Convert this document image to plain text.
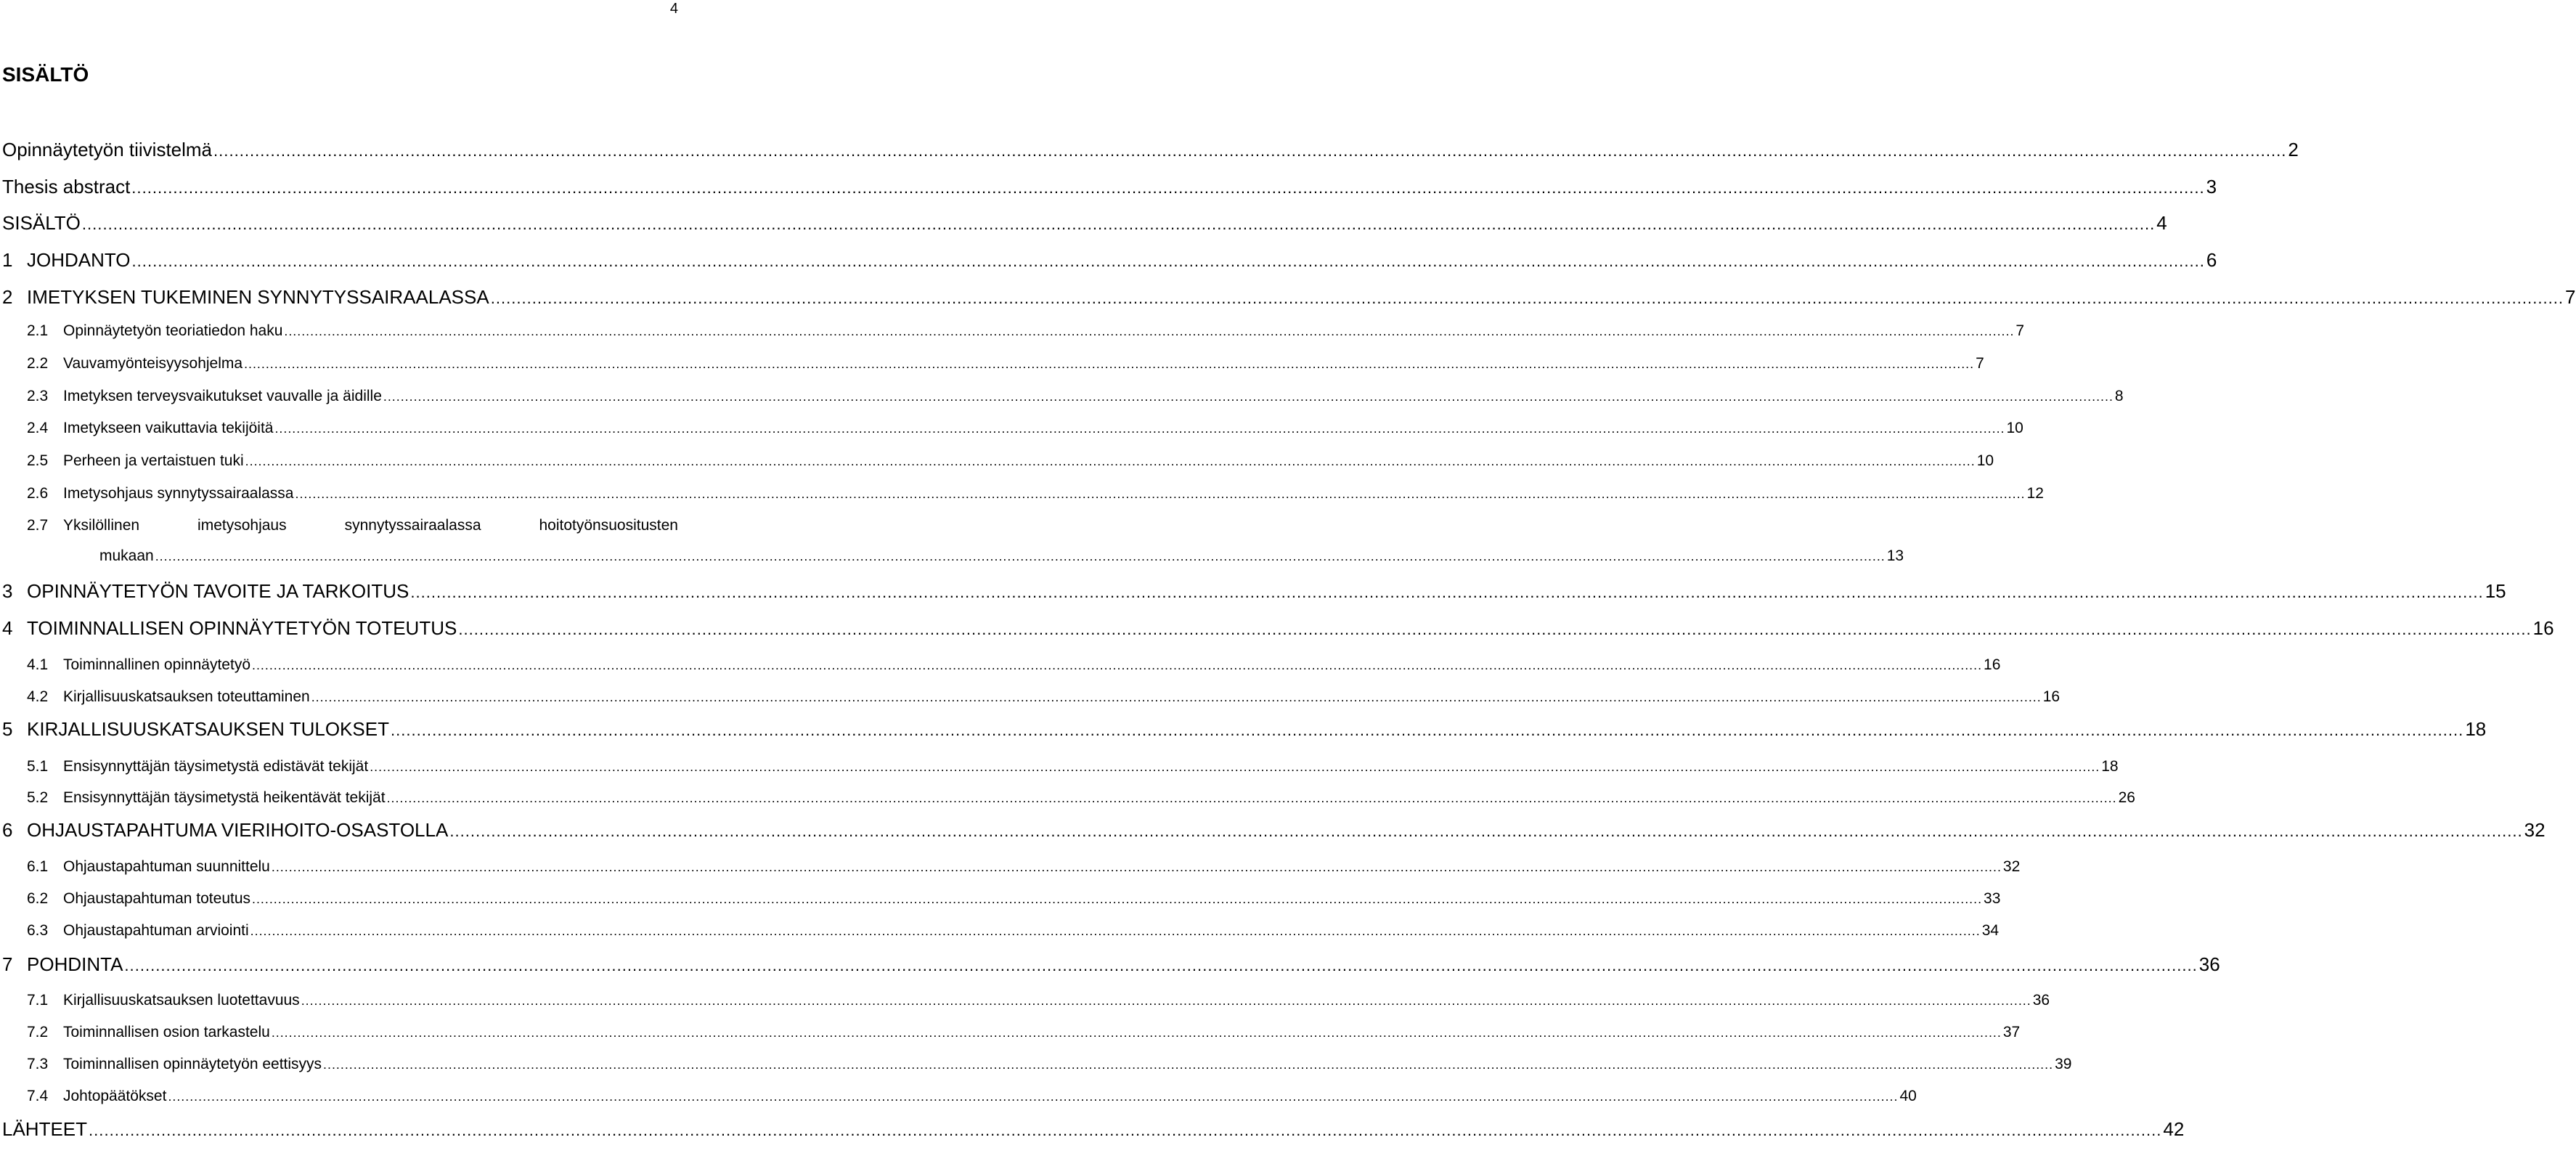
4
SISÄLTÖ
Opinnäytetyön tiivistelmä ................................................................................................................................................................................................................................................................................................................................................................................................................ 2
Thesis abstract ................................................................................................................................................................................................................................................................................................................................................................................................................ 3
SISÄLTÖ ................................................................................................................................................................................................................................................................................................................................................................................................................ 4
1 JOHDANTO ................................................................................................................................................................................................................................................................................................................................................................................................................ 6
2 IMETYKSEN TUKEMINEN SYNNYTYSSAIRAALASSA ................................................................................................................................................................................................................................................................................................................................................................................................................ 7
2.1 Opinnäytetyön teoriatiedon haku ................................................................................................................................................................................................................................................................................................................................................................................................................ 7
2.2 Vauvamyönteisyysohjelma ................................................................................................................................................................................................................................................................................................................................................................................................................ 7
2.3 Imetyksen terveysvaikutukset vauvalle ja äidille ................................................................................................................................................................................................................................................................................................................................................................................................................ 8
2.4 Imetykseen vaikuttavia tekijöitä ................................................................................................................................................................................................................................................................................................................................................................................................................ 10
2.5 Perheen ja vertaistuen tuki ................................................................................................................................................................................................................................................................................................................................................................................................................ 10
2.6 Imetysohjaus synnytyssairaalassa ................................................................................................................................................................................................................................................................................................................................................................................................................ 12
2.7 Yksilöllinen	imetysohjaus	synnytyssairaalassa	hoitotyönsuositusten
mukaan ................................................................................................................................................................................................................................................................................................................................................................................................................ 13
3 OPINNÄYTETYÖN TAVOITE JA TARKOITUS ................................................................................................................................................................................................................................................................................................................................................................................................................ 15
4 TOIMINNALLISEN OPINNÄYTETYÖN TOTEUTUS ................................................................................................................................................................................................................................................................................................................................................................................................................ 16
4.1 Toiminnallinen opinnäytetyö ................................................................................................................................................................................................................................................................................................................................................................................................................ 16
4.2 Kirjallisuuskatsauksen toteuttaminen ................................................................................................................................................................................................................................................................................................................................................................................................................ 16
5 KIRJALLISUUSKATSAUKSEN TULOKSET ................................................................................................................................................................................................................................................................................................................................................................................................................ 18
5.1 Ensisynnyttäjän täysimetystä edistävät tekijät ................................................................................................................................................................................................................................................................................................................................................................................................................ 18
5.2 Ensisynnyttäjän täysimetystä heikentävät tekijät ................................................................................................................................................................................................................................................................................................................................................................................................................ 26
6 OHJAUSTAPAHTUMA VIERIHOITO-OSASTOLLA ................................................................................................................................................................................................................................................................................................................................................................................................................ 32
6.1 Ohjaustapahtuman suunnittelu ................................................................................................................................................................................................................................................................................................................................................................................................................ 32
6.2 Ohjaustapahtuman toteutus ................................................................................................................................................................................................................................................................................................................................................................................................................ 33
6.3 Ohjaustapahtuman arviointi ................................................................................................................................................................................................................................................................................................................................................................................................................ 34
7 POHDINTA ................................................................................................................................................................................................................................................................................................................................................................................................................ 36
7.1 Kirjallisuuskatsauksen luotettavuus ................................................................................................................................................................................................................................................................................................................................................................................................................ 36
7.2 Toiminnallisen osion tarkastelu ................................................................................................................................................................................................................................................................................................................................................................................................................ 37
7.3 Toiminnallisen opinnäytetyön eettisyys ................................................................................................................................................................................................................................................................................................................................................................................................................ 39
7.4 Johtopäätökset ................................................................................................................................................................................................................................................................................................................................................................................................................ 40
LÄHTEET ................................................................................................................................................................................................................................................................................................................................................................................................................ 42
